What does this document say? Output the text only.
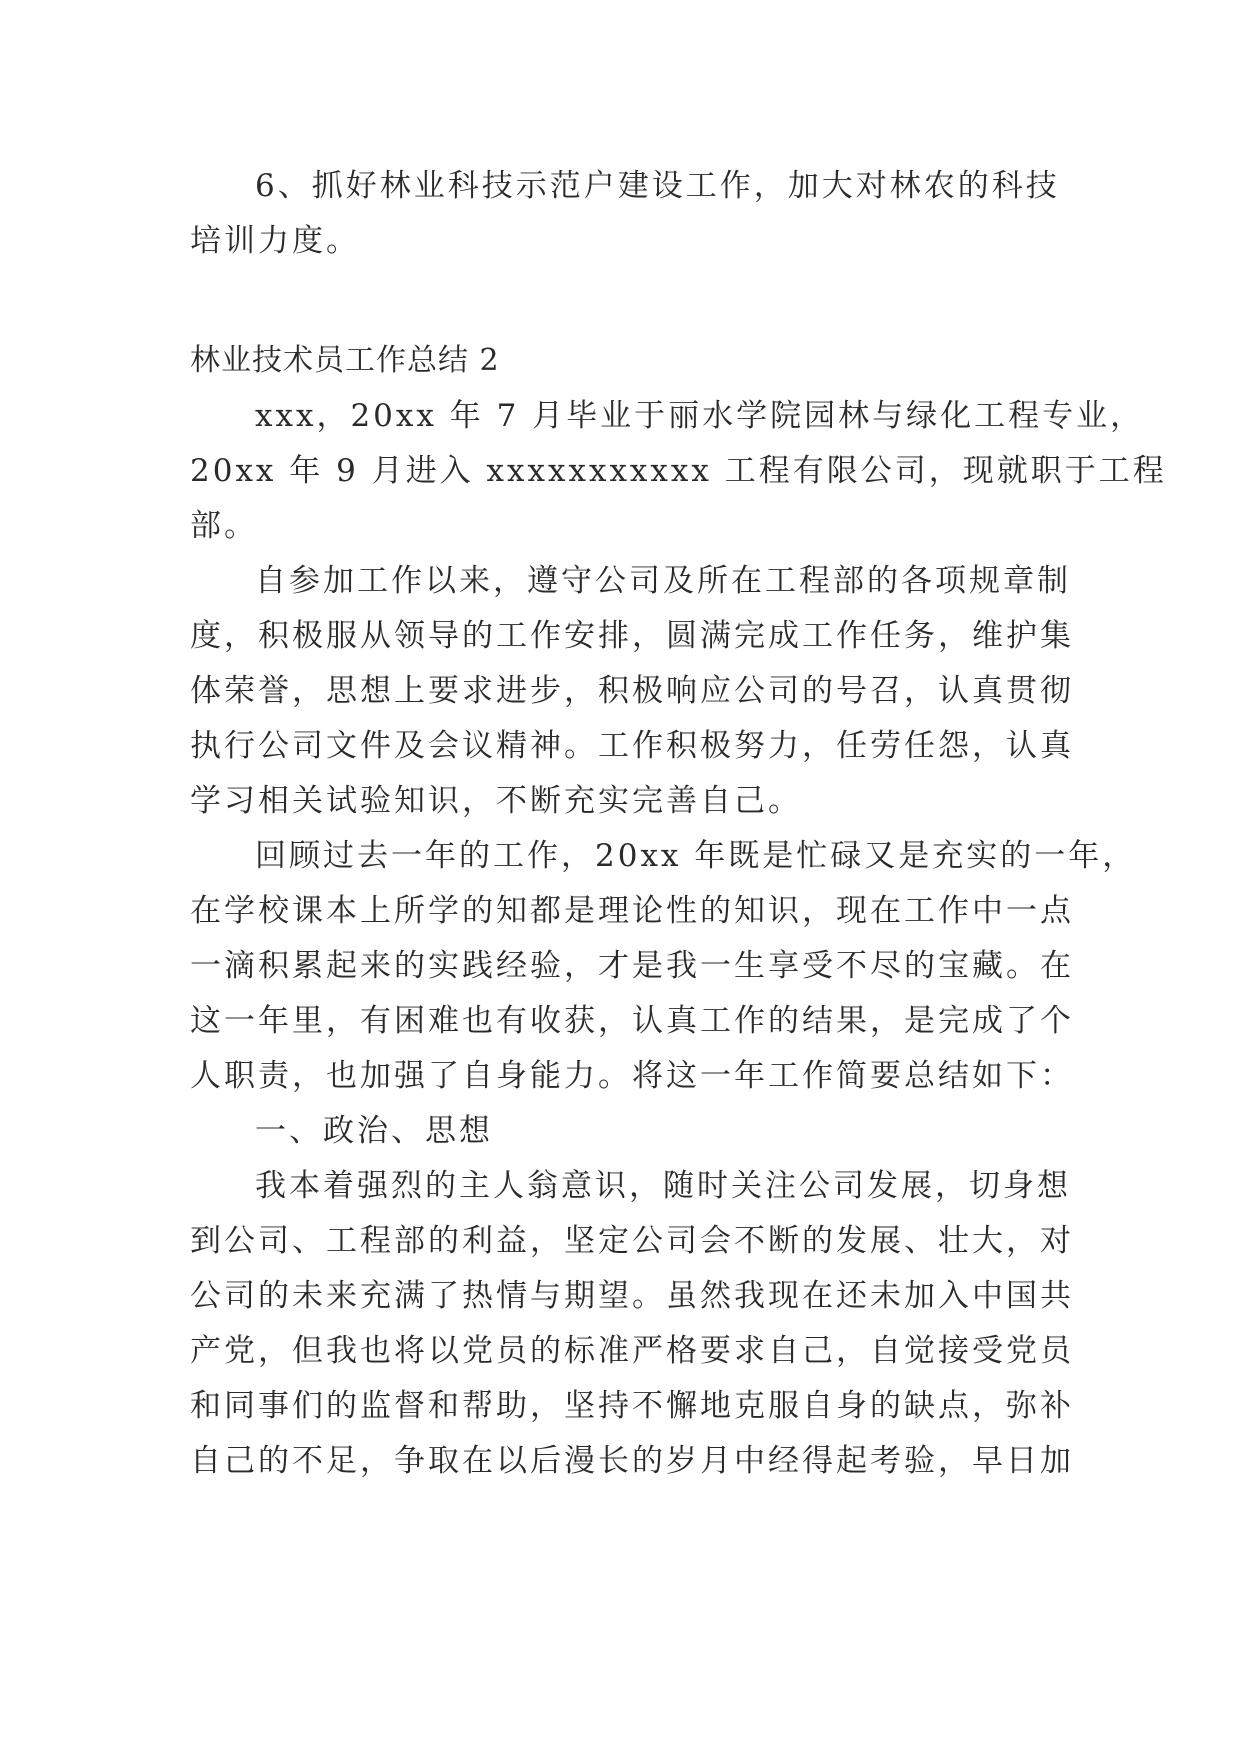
6、抓好林业科技示范户建设工作，加大对林农的科技
培训力度。
林业技术员工作总结 2
xxx，20xx 年 7 月毕业于丽水学院园林与绿化工程专业，
20xx 年 9 月进入 xxxxxxxxxxx 工程有限公司，现就职于工程
部。
自参加工作以来，遵守公司及所在工程部的各项规章制
度，积极服从领导的工作安排，圆满完成工作任务，维护集
体荣誉，思想上要求进步，积极响应公司的号召，认真贯彻
执行公司文件及会议精神。工作积极努力，任劳任怨，认真
学习相关试验知识，不断充实完善自己。
回顾过去一年的工作，20xx 年既是忙碌又是充实的一年，
在学校课本上所学的知都是理论性的知识，现在工作中一点
一滴积累起来的实践经验，才是我一生享受不尽的宝藏。在
这一年里，有困难也有收获，认真工作的结果，是完成了个
人职责，也加强了自身能力。将这一年工作简要总结如下：
一、政治、思想
我本着强烈的主人翁意识，随时关注公司发展，切身想
到公司、工程部的利益，坚定公司会不断的发展、壮大，对
公司的未来充满了热情与期望。虽然我现在还未加入中国共
产党，但我也将以党员的标准严格要求自己，自觉接受党员
和同事们的监督和帮助，坚持不懈地克服自身的缺点，弥补
自己的不足，争取在以后漫长的岁月中经得起考验，早日加
